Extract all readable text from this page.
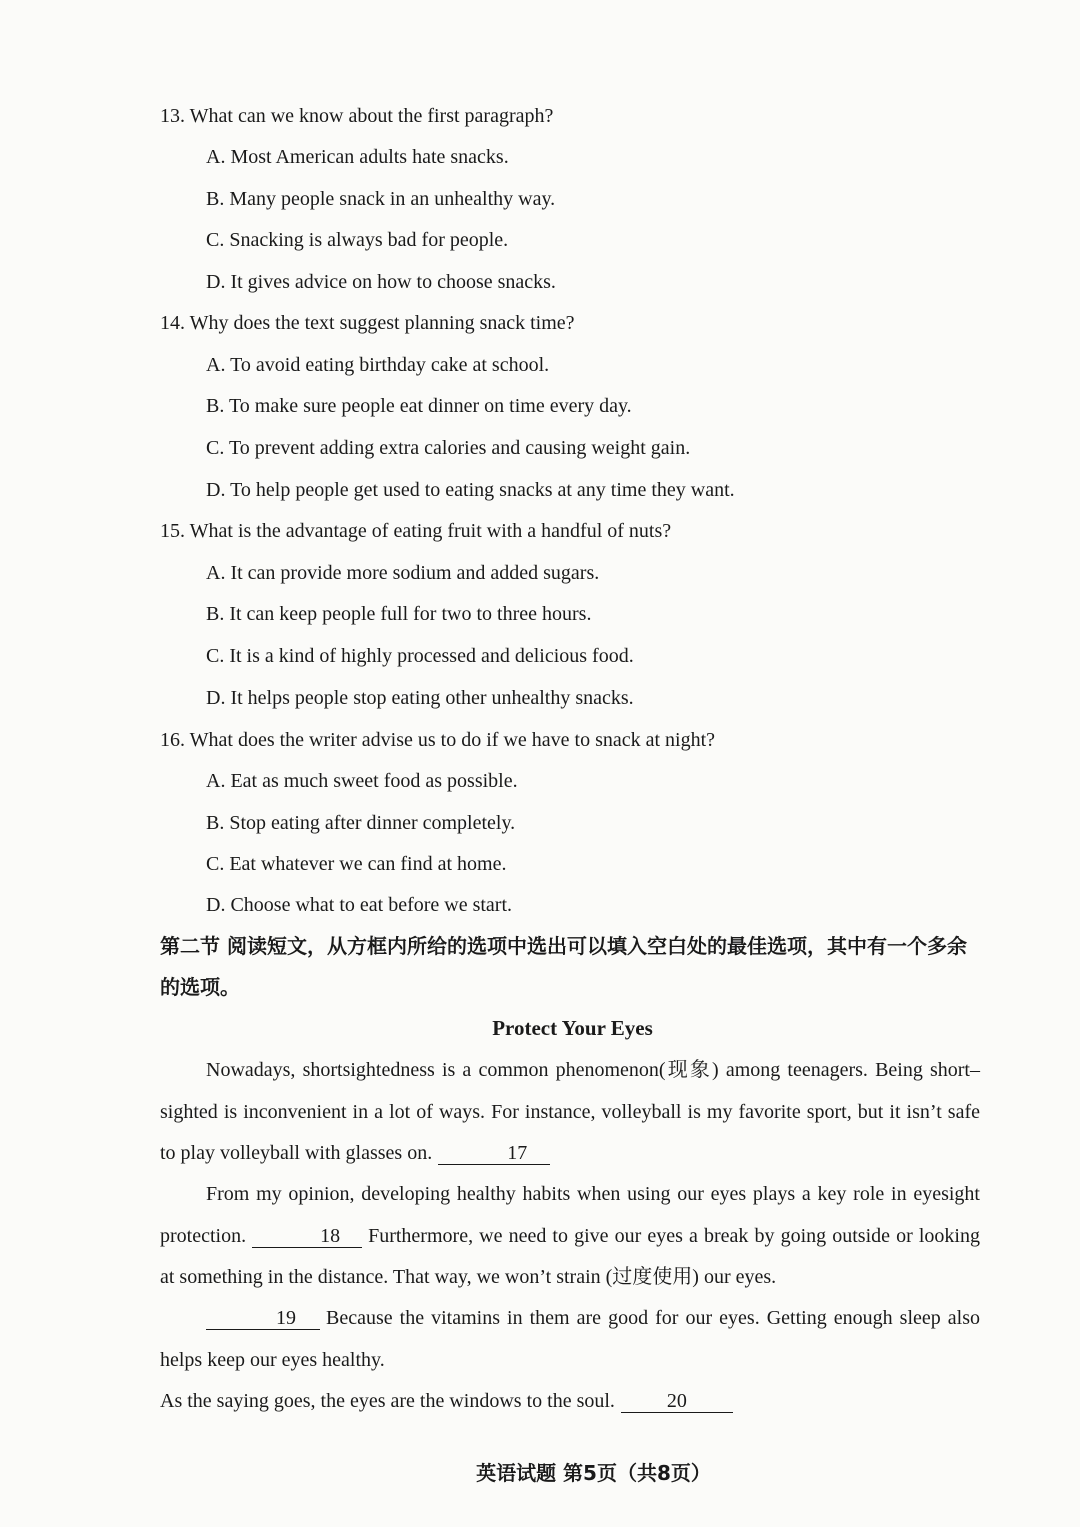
13. What can we know about the first paragraph?
A. Most American adults hate snacks.
B. Many people snack in an unhealthy way.
C. Snacking is always bad for people.
D. It gives advice on how to choose snacks.
14. Why does the text suggest planning snack time?
A. To avoid eating birthday cake at school.
B. To make sure people eat dinner on time every day.
C. To prevent adding extra calories and causing weight gain.
D. To help people get used to eating snacks at any time they want.
15. What is the advantage of eating fruit with a handful of nuts?
A. It can provide more sodium and added sugars.
B. It can keep people full for two to three hours.
C. It is a kind of highly processed and delicious food.
D. It helps people stop eating other unhealthy snacks.
16. What does the writer advise us to do if we have to snack at night?
A. Eat as much sweet food as possible.
B. Stop eating after dinner completely.
C. Eat whatever we can find at home.
D. Choose what to eat before we start.
第二节 阅读短文，从方框内所给的选项中选出可以填入空白处的最佳选项，其中有一个多余的选项。
Protect Your Eyes
Nowadays, shortsightedness is a common phenomenon(现象) among teenagers. Being short–sighted is inconvenient in a lot of ways. For instance, volleyball is my favorite sport, but it isn’t safe to play volleyball with glasses on.	17
From my opinion, developing healthy habits when using our eyes plays a key role in eyesight protection.	18 Furthermore, we need to give our eyes a break by going outside or looking at something in the distance. That way, we won’t strain (过度使用) our eyes.
19 Because the vitamins in them are good for our eyes. Getting enough sleep also helps keep our eyes healthy.
As the saying goes, the eyes are the windows to the soul.	20
英语试题 第5页（共8页）
